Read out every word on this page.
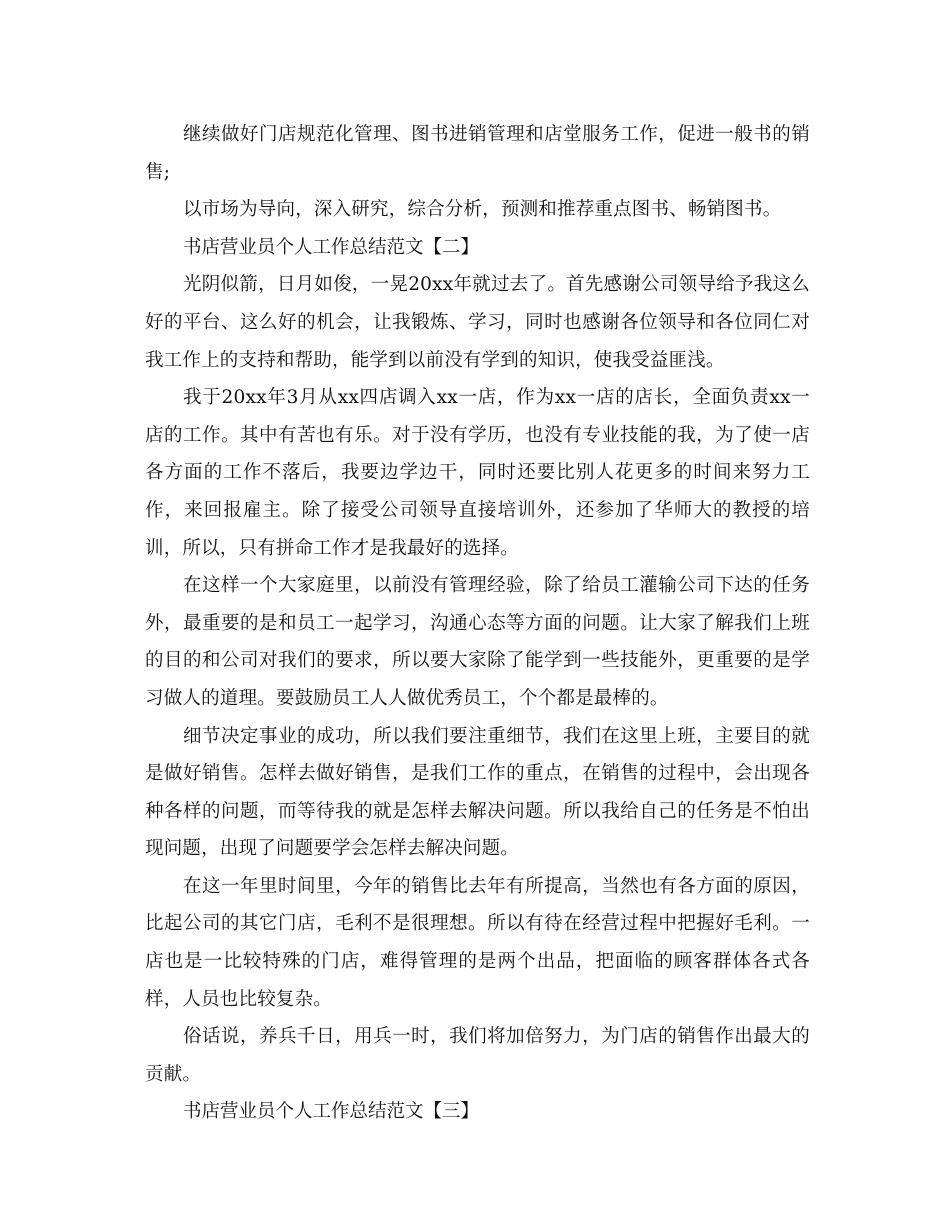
继续做好门店规范化管理、图书进销管理和店堂服务工作，促进一般书的销售;

以市场为导向，深入研究，综合分析，预测和推荐重点图书、畅销图书。

书店营业员个人工作总结范文【二】

光阴似箭，日月如俊，一晃20xx年就过去了。首先感谢公司领导给予我这么好的平台、这么好的机会，让我锻炼、学习，同时也感谢各位领导和各位同仁对我工作上的支持和帮助，能学到以前没有学到的知识，使我受益匪浅。

我于20xx年3月从xx四店调入xx一店，作为xx一店的店长，全面负责xx一店的工作。其中有苦也有乐。对于没有学历，也没有专业技能的我，为了使一店各方面的工作不落后，我要边学边干，同时还要比别人花更多的时间来努力工作，来回报雇主。除了接受公司领导直接培训外，还参加了华师大的教授的培训，所以，只有拼命工作才是我最好的选择。

在这样一个大家庭里，以前没有管理经验，除了给员工灌输公司下达的任务外，最重要的是和员工一起学习，沟通心态等方面的问题。让大家了解我们上班的目的和公司对我们的要求，所以要大家除了能学到一些技能外，更重要的是学习做人的道理。要鼓励员工人人做优秀员工，个个都是最棒的。

细节决定事业的成功，所以我们要注重细节，我们在这里上班，主要目的就是做好销售。怎样去做好销售，是我们工作的重点，在销售的过程中，会出现各种各样的问题，而等待我的就是怎样去解决问题。所以我给自己的任务是不怕出现问题，出现了问题要学会怎样去解决问题。

在这一年里时间里，今年的销售比去年有所提高，当然也有各方面的原因，比起公司的其它门店，毛利不是很理想。所以有待在经营过程中把握好毛利。一店也是一比较特殊的门店，难得管理的是两个出品，把面临的顾客群体各式各样，人员也比较复杂。

俗话说，养兵千日，用兵一时，我们将加倍努力，为门店的销售作出最大的贡献。

书店营业员个人工作总结范文【三】
